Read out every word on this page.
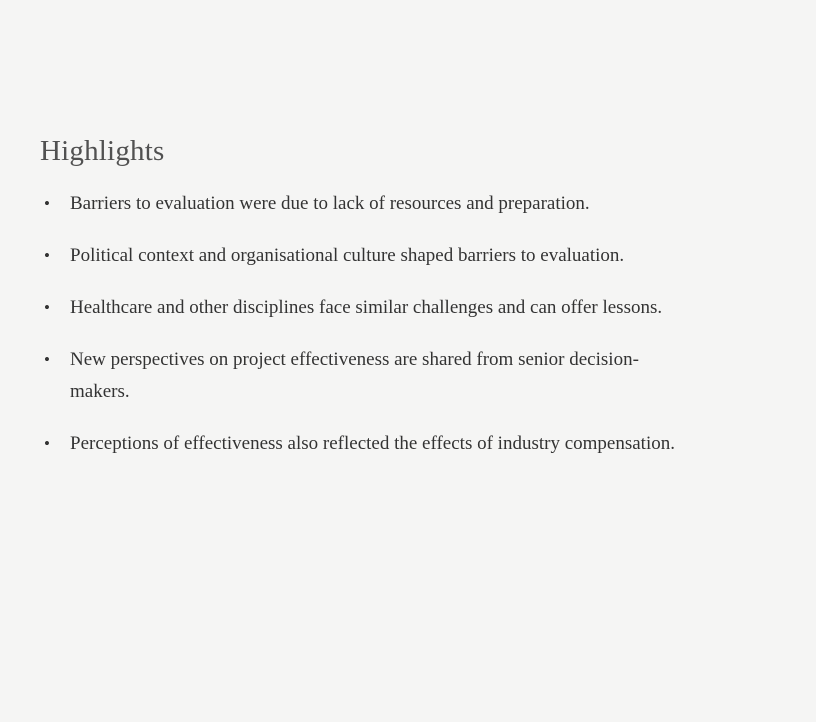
Highlights
•	Barriers to evaluation were due to lack of resources and preparation.
•	Political context and organisational culture shaped barriers to evaluation.
•	Healthcare and other disciplines face similar challenges and can offer lessons.
•	New perspectives on project effectiveness are shared from senior decision-makers.
•	Perceptions of effectiveness also reflected the effects of industry compensation.
